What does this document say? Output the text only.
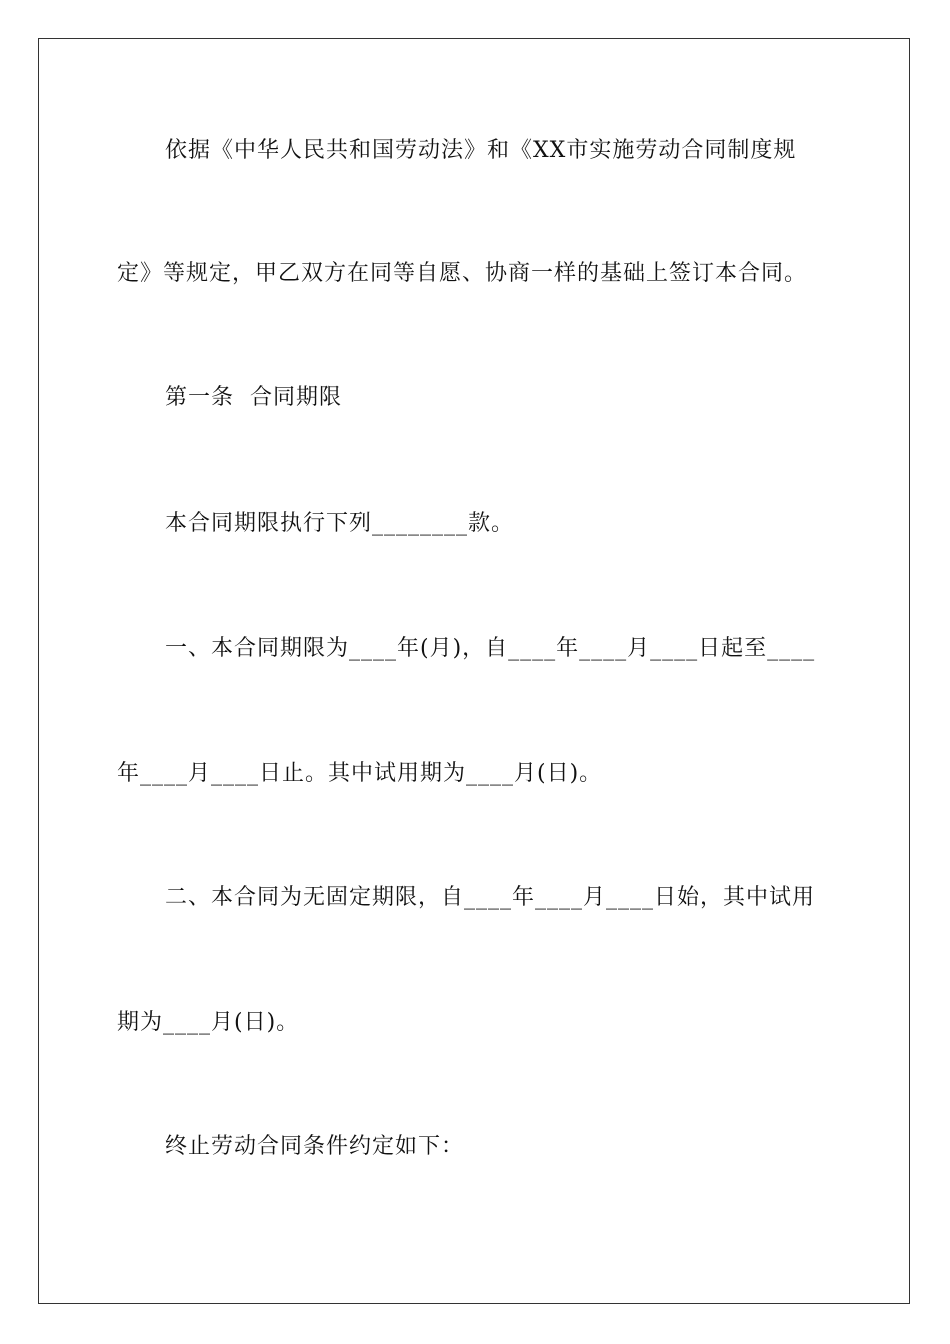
依据《中华人民共和国劳动法》和《XX市实施劳动合同制度规
定》等规定，甲乙双方在同等自愿、协商一样的基础上签订本合同。
第一条  合同期限
本合同期限执行下列________款。
一、本合同期限为____年(月)，自____年____月____日起至____
年____月____日止。其中试用期为____月(日)。
二、本合同为无固定期限，自____年____月____日始，其中试用
期为____月(日)。
终止劳动合同条件约定如下：
